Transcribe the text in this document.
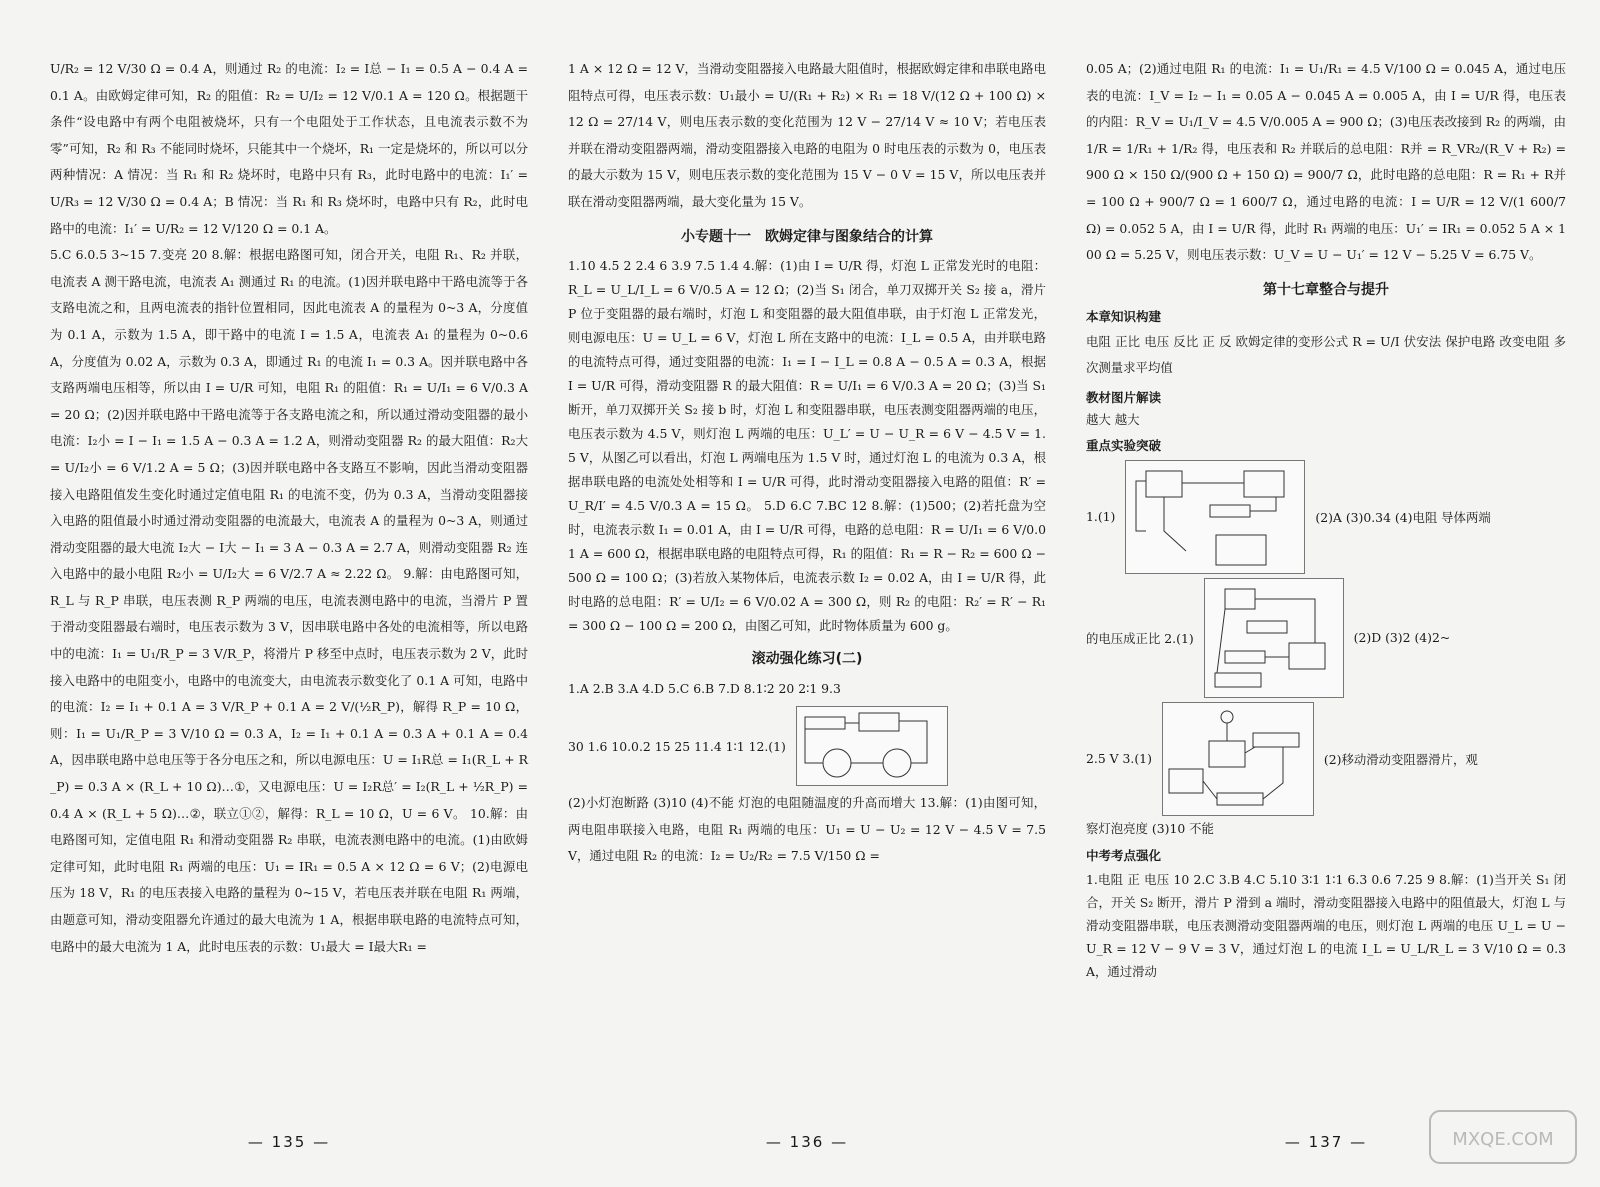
U/R₂ = 12 V/30 Ω = 0.4 A，则通过 R₂ 的电流：I₂ = I总 − I₁ = 0.5 A − 0.4 A = 0.1 A。由欧姆定律可知，R₂ 的阻值：R₂ = U/I₂ = 12 V/0.1 A = 120 Ω。根据题干条件“设电路中有两个电阻被烧坏，只有一个电阻处于工作状态，且电流表示数不为零”可知，R₂ 和 R₃ 不能同时烧坏，只能其中一个烧坏，R₁ 一定是烧坏的，所以可以分两种情况：A 情况：当 R₁ 和 R₂ 烧坏时，电路中只有 R₃，此时电路中的电流：I₁′ = U/R₃ = 12 V/30 Ω = 0.4 A；B 情况：当 R₁ 和 R₃ 烧坏时，电路中只有 R₂，此时电路中的电流：I₁′ = U/R₂ = 12 V/120 Ω = 0.1 A。

5.C 6.0.5 3~15 7.变亮 20 8.解：根据电路图可知，闭合开关，电阻 R₁、R₂ 并联，电流表 A 测干路电流，电流表 A₁ 测通过 R₁ 的电流。(1)因并联电路中干路电流等于各支路电流之和，且两电流表的指针位置相同，因此电流表 A 的量程为 0~3 A，分度值为 0.1 A，示数为 1.5 A，即干路中的电流 I = 1.5 A，电流表 A₁ 的量程为 0~0.6 A，分度值为 0.02 A，示数为 0.3 A，即通过 R₁ 的电流 I₁ = 0.3 A。因并联电路中各支路两端电压相等，所以由 I = U/R 可知，电阻 R₁ 的阻值：R₁ = U/I₁ = 6 V/0.3 A = 20 Ω；(2)因并联电路中干路电流等于各支路电流之和，所以通过滑动变阻器的最小电流：I₂小 = I − I₁ = 1.5 A − 0.3 A = 1.2 A，则滑动变阻器 R₂ 的最大阻值：R₂大 = U/I₂小 = 6 V/1.2 A = 5 Ω；(3)因并联电路中各支路互不影响，因此当滑动变阻器接入电路阻值发生变化时通过定值电阻 R₁ 的电流不变，仍为 0.3 A，当滑动变阻器接入电路的阻值最小时通过滑动变阻器的电流最大，电流表 A 的量程为 0~3 A，则通过滑动变阻器的最大电流 I₂大 − I大 − I₁ = 3 A − 0.3 A = 2.7 A，则滑动变阻器 R₂ 连入电路中的最小电阻 R₂小 = U/I₂大 = 6 V/2.7 A ≈ 2.22 Ω。 9.解：由电路图可知，R_L 与 R_P 串联，电压表测 R_P 两端的电压，电流表测电路中的电流，当滑片 P 置于滑动变阻器最右端时，电压表示数为 3 V，因串联电路中各处的电流相等，所以电路中的电流：I₁ = U₁/R_P = 3 V/R_P，将滑片 P 移至中点时，电压表示数为 2 V，此时接入电路中的电阻变小，电路中的电流变大，由电流表示数变化了 0.1 A 可知，电路中的电流：I₂ = I₁ + 0.1 A = 3 V/R_P + 0.1 A = 2 V/(½R_P)，解得 R_P = 10 Ω，则：I₁ = U₁/R_P = 3 V/10 Ω = 0.3 A，I₂ = I₁ + 0.1 A = 0.3 A + 0.1 A = 0.4 A，因串联电路中总电压等于各分电压之和，所以电源电压：U = I₁R总 = I₁(R_L + R_P) = 0.3 A × (R_L + 10 Ω)…①，又电源电压：U = I₂R总′ = I₂(R_L + ½R_P) = 0.4 A × (R_L + 5 Ω)…②，联立①②，解得：R_L = 10 Ω，U = 6 V。 10.解：由电路图可知，定值电阻 R₁ 和滑动变阻器 R₂ 串联，电流表测电路中的电流。(1)由欧姆定律可知，此时电阻 R₁ 两端的电压：U₁ = IR₁ = 0.5 A × 12 Ω = 6 V；(2)电源电压为 18 V，R₁ 的电压表接入电路的量程为 0~15 V，若电压表并联在电阻 R₁ 两端，由题意可知，滑动变阻器允许通过的最大电流为 1 A，根据串联电路的电流特点可知，电路中的最大电流为 1 A，此时电压表的示数：U₁最大 = I最大R₁ =

— 135 —

1 A × 12 Ω = 12 V，当滑动变阻器接入电路最大阻值时，根据欧姆定律和串联电路电阻特点可得，电压表示数：U₁最小 = U/(R₁ + R₂) × R₁ = 18 V/(12 Ω + 100 Ω) × 12 Ω = 27/14 V，则电压表示数的变化范围为 12 V − 27/14 V ≈ 10 V；若电压表并联在滑动变阻器两端，滑动变阻器接入电路的电阻为 0 时电压表的示数为 0，电压表的最大示数为 15 V，则电压表示数的变化范围为 15 V − 0 V = 15 V，所以电压表并联在滑动变阻器两端，最大变化量为 15 V。

小专题十一　欧姆定律与图象结合的计算

1.10 4.5 2 2.4 6 3.9 7.5 1.4 4.解：(1)由 I = U/R 得，灯泡 L 正常发光时的电阻：R_L = U_L/I_L = 6 V/0.5 A = 12 Ω；(2)当 S₁ 闭合，单刀双掷开关 S₂ 接 a，滑片 P 位于变阻器的最右端时，灯泡 L 和变阻器的最大阻值串联，由于灯泡 L 正常发光，则电源电压：U = U_L = 6 V，灯泡 L 所在支路中的电流：I_L = 0.5 A，由并联电路的电流特点可得，通过变阻器的电流：I₁ = I − I_L = 0.8 A − 0.5 A = 0.3 A，根据 I = U/R 可得，滑动变阻器 R 的最大阻值：R = U/I₁ = 6 V/0.3 A = 20 Ω；(3)当 S₁ 断开，单刀双掷开关 S₂ 接 b 时，灯泡 L 和变阻器串联，电压表测变阻器两端的电压，电压表示数为 4.5 V，则灯泡 L 两端的电压：U_L′ = U − U_R = 6 V − 4.5 V = 1.5 V，从图乙可以看出，灯泡 L 两端电压为 1.5 V 时，通过灯泡 L 的电流为 0.3 A，根据串联电路的电流处处相等和 I = U/R 可得，此时滑动变阻器接入电路的阻值：R′ = U_R/I′ = 4.5 V/0.3 A = 15 Ω。 5.D 6.C 7.BC 12 8.解：(1)500；(2)若托盘为空时，电流表示数 I₁ = 0.01 A，由 I = U/R 可得，电路的总电阻：R = U/I₁ = 6 V/0.01 A = 600 Ω，根据串联电路的电阻特点可得，R₁ 的阻值：R₁ = R − R₂ = 600 Ω − 500 Ω = 100 Ω；(3)若放入某物体后，电流表示数 I₂ = 0.02 A，由 I = U/R 得，此时电路的总电阻：R′ = U/I₂ = 6 V/0.02 A = 300 Ω，则 R₂ 的电阻：R₂′ = R′ − R₁ = 300 Ω − 100 Ω = 200 Ω，由图乙可知，此时物体质量为 600 g。

滚动强化练习(二)
1.A 2.B 3.A 4.D 5.C 6.B 7.D 8.1∶2 20 2∶1 9.3
30 1.6 10.0.2 15 25 11.4 1∶1 12.(1)

(2)小灯泡断路 (3)10 (4)不能 灯泡的电阻随温度的升高而增大 13.解：(1)由图可知，两电阻串联接入电路，电阻 R₁ 两端的电压：U₁ = U − U₂ = 12 V − 4.5 V = 7.5 V，通过电阻 R₂ 的电流：I₂ = U₂/R₂ = 7.5 V/150 Ω =

— 136 —

0.05 A；(2)通过电阻 R₁ 的电流：I₁ = U₁/R₁ = 4.5 V/100 Ω = 0.045 A，通过电压表的电流：I_V = I₂ − I₁ = 0.05 A − 0.045 A = 0.005 A，由 I = U/R 得，电压表的内阻：R_V = U₁/I_V = 4.5 V/0.005 A = 900 Ω；(3)电压表改接到 R₂ 的两端，由 1/R = 1/R₁ + 1/R₂ 得，电压表和 R₂ 并联后的总电阻：R并 = R_VR₂/(R_V + R₂) = 900 Ω × 150 Ω/(900 Ω + 150 Ω) = 900/7 Ω，此时电路的总电阻：R = R₁ + R并 = 100 Ω + 900/7 Ω = 1 600/7 Ω，通过电路的电流：I = U/R = 12 V/(1 600/7 Ω) = 0.052 5 A，由 I = U/R 得，此时 R₁ 两端的电压：U₁′ = IR₁ = 0.052 5 A × 100 Ω = 5.25 V，则电压表示数：U_V = U − U₁′ = 12 V − 5.25 V = 6.75 V。

第十七章整合与提升
本章知识构建

电阻 正比 电压 反比 正 反 欧姆定律的变形公式 R = U/I 伏安法 保护电路 改变电阻 多次测量求平均值

教材图片解读

越大 越大

重点实验突破
1.(1)	(2)A (3)0.34 (4)电阻 导体两端
的电压成正比 2.(1)	(2)D (3)2 (4)2~
2.5 V 3.(1)	(2)移动滑动变阻器滑片，观

察灯泡亮度 (3)10 不能

中考考点强化

1.电阻 正 电压 10 2.C 3.B 4.C 5.10 3∶1 1∶1 6.3 0.6 7.25 9 8.解：(1)当开关 S₁ 闭合，开关 S₂ 断开，滑片 P 滑到 a 端时，滑动变阻器接入电路中的阻值最大，灯泡 L 与滑动变阻器串联，电压表测滑动变阻器两端的电压，则灯泡 L 两端的电压 U_L = U − U_R = 12 V − 9 V = 3 V，通过灯泡 L 的电流 I_L = U_L/R_L = 3 V/10 Ω = 0.3 A，通过滑动

— 137 —	MXQE.COM
